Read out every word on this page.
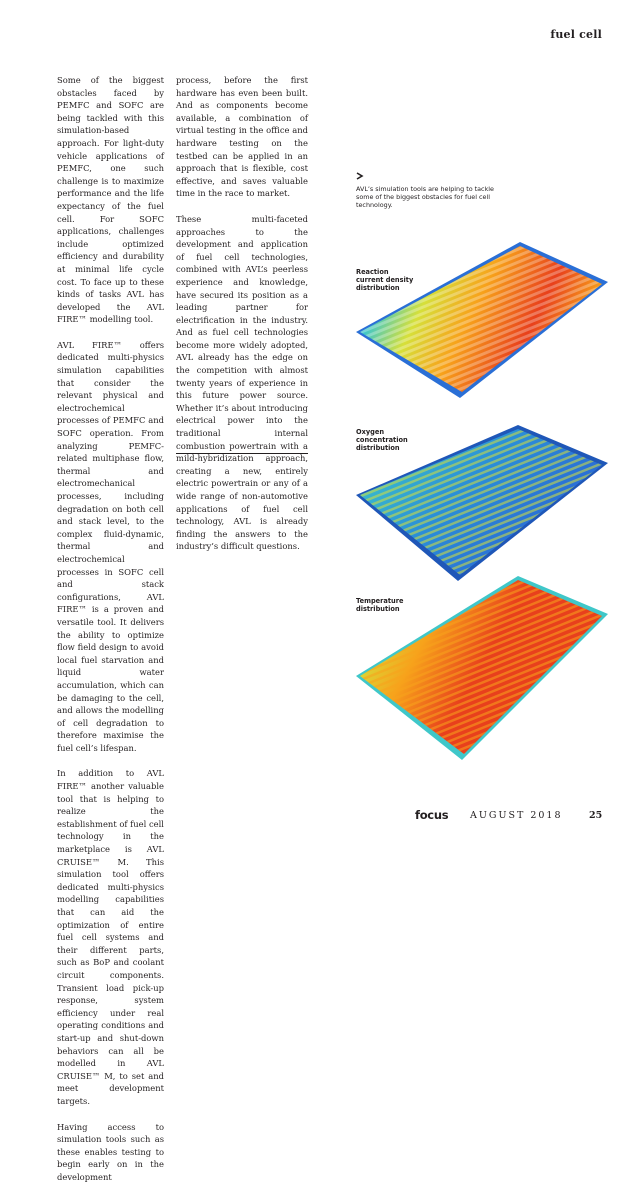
fuel cell

Some of the biggest obstacles faced by PEMFC and SOFC are being tackled with this simulation-based approach. For light-duty vehicle applications of PEMFC, one such challenge is to maximize performance and the life expectancy of the fuel cell. For SOFC applications, challenges include optimized efficiency and durability at minimal life cycle cost. To face up to these kinds of tasks AVL has developed the AVL FIRE™ modelling tool.

AVL FIRE™ offers dedicated multi-physics simulation capabilities that consider the relevant physical and electrochemical processes of PEMFC and SOFC operation. From analyzing PEMFC-related multiphase flow, thermal and electromechanical processes, including degradation on both cell and stack level, to the complex fluid-dynamic, thermal and electrochemical processes in SOFC cell and stack configurations, AVL FIRE™ is a proven and versatile tool. It delivers the ability to optimize flow field design to avoid local fuel starvation and liquid water accumulation, which can be damaging to the cell, and allows the modelling of cell degradation to therefore maximise the fuel cell’s lifespan.

In addition to AVL FIRE™ another valuable tool that is helping to realize the establishment of fuel cell technology in the marketplace is AVL CRUISE™ M. This simulation tool offers dedicated multi-physics modelling capabilities that can aid the optimization of entire fuel cell systems and their different parts, such as BoP and coolant circuit components. Transient load pick-up response, system efficiency under real operating conditions and start-up and shut-down behaviors can all be modelled in AVL CRUISE™ M, to set and meet development targets.

Having access to simulation tools such as these enables testing to begin early on in the development

process, before the first hardware has even been built. And as components become available, a combination of virtual testing in the office and hardware testing on the testbed can be applied in an approach that is flexible, cost effective, and saves valuable time in the race to market.

These multi-faceted approaches to the development and application of fuel cell technologies, combined with AVL’s peerless experience and knowledge, have secured its position as a leading partner for electrification in the industry. And as fuel cell technologies become more widely adopted, AVL already has the edge on the competition with almost twenty years of experience in this future power source. Whether it’s about introducing electrical power into the traditional internal combustion powertrain with a mild-hybridization approach, creating a new, entirely electric powertrain or any of a wide range of non-automotive applications of fuel cell technology, AVL is already finding the answers to the industry’s difficult questions.

AVL’s simulation tools are helping to tackle some of the biggest obstacles for fuel cell technology.
Reaction
current density
distribution
Oxygen
concentration
distribution
Temperature
distribution
focus AUGUST 2018	25
